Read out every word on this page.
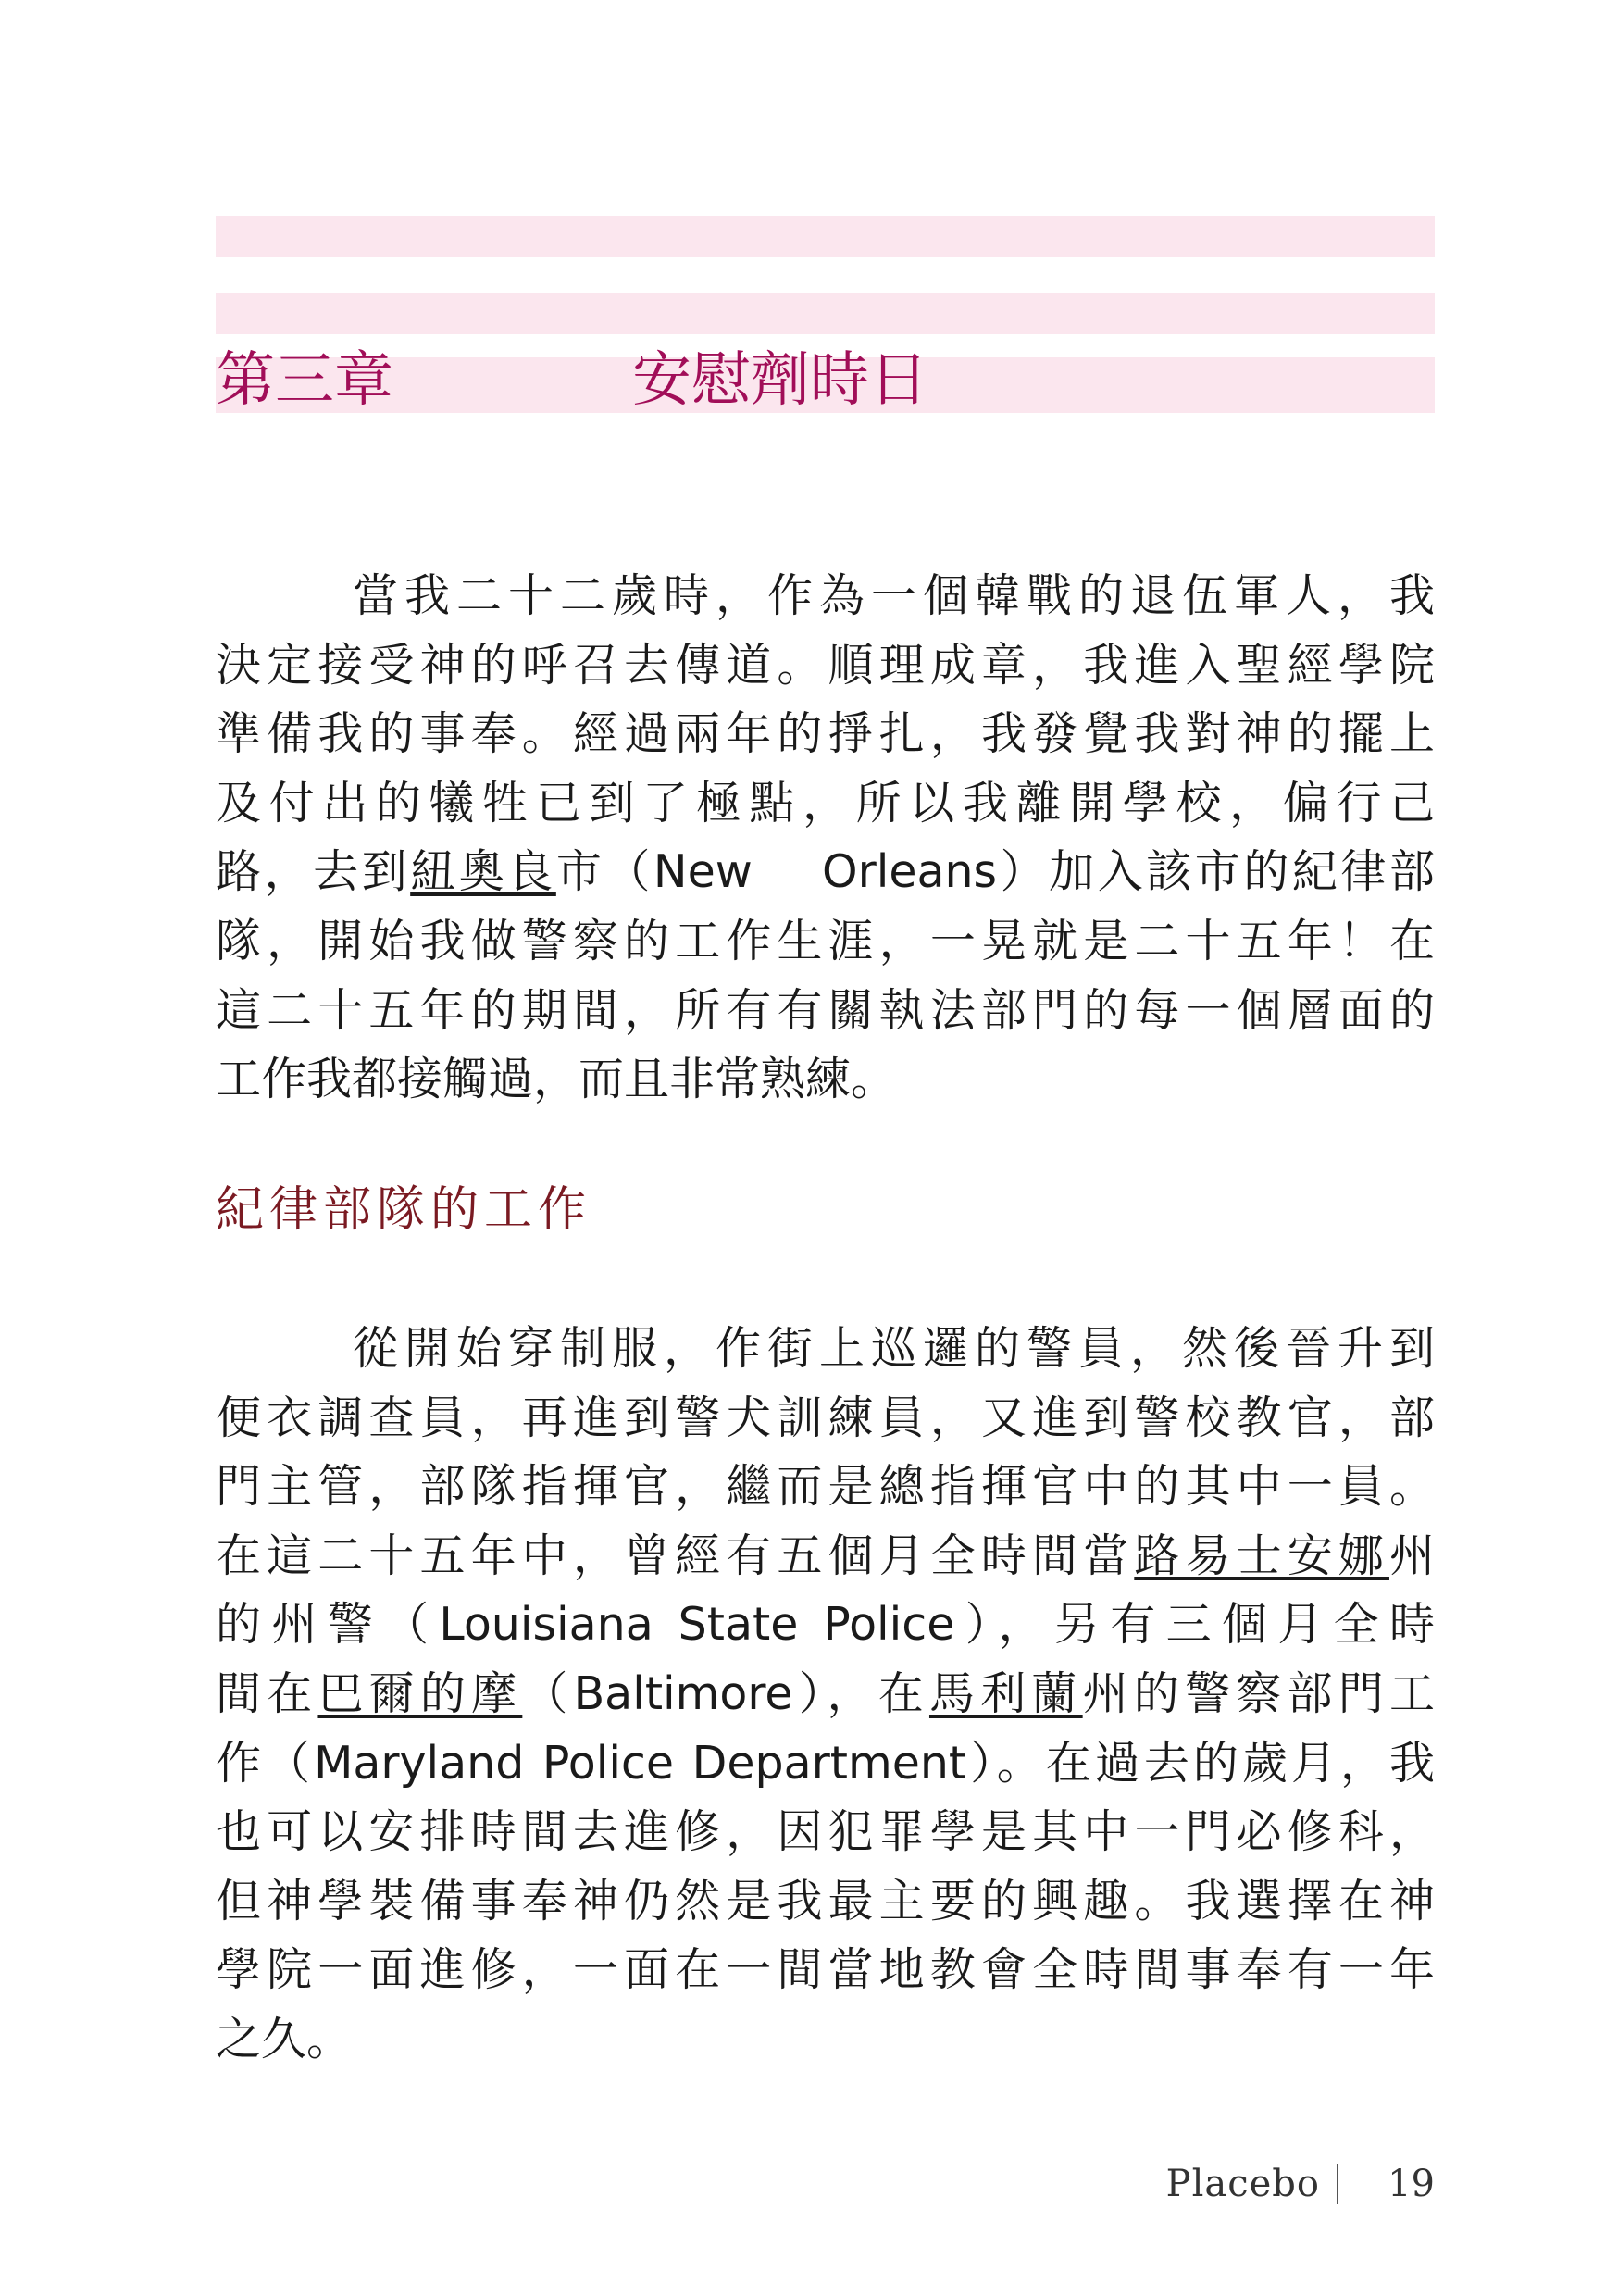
第三章	安慰劑時日
當我二十二歲時，作為一個韓戰的退伍軍人，我
決定接受神的呼召去傳道。順理成章，我進入聖經學院
準備我的事奉。經過兩年的掙扎，我發覺我對神的擺上
及付出的犧牲已到了極點，所以我離開學校，偏行己
路，去到紐奧良市（New　 Orleans）加入該市的紀律部
隊，開始我做警察的工作生涯，一晃就是二十五年！在
這二十五年的期間，所有有關執法部門的每一個層面的
工作我都接觸過，而且非常熟練。
紀律部隊的工作
從開始穿制服，作街上巡邏的警員，然後晉升到
便衣調查員，再進到警犬訓練員，又進到警校教官，部
門主管，部隊指揮官，繼而是總指揮官中的其中一員。
在這二十五年中，曾經有五個月全時間當路易士安娜州
的州警（Louisiana State Police），另有三個月全時
間在巴爾的摩（Baltimore），在馬利蘭州的警察部門工
作（Maryland Police Department）。在過去的歲月，我
也可以安排時間去進修，因犯罪學是其中一門必修科，
但神學裝備事奉神仍然是我最主要的興趣。我選擇在神
學院一面進修，一面在一間當地教會全時間事奉有一年
之久。
Placebo 19
